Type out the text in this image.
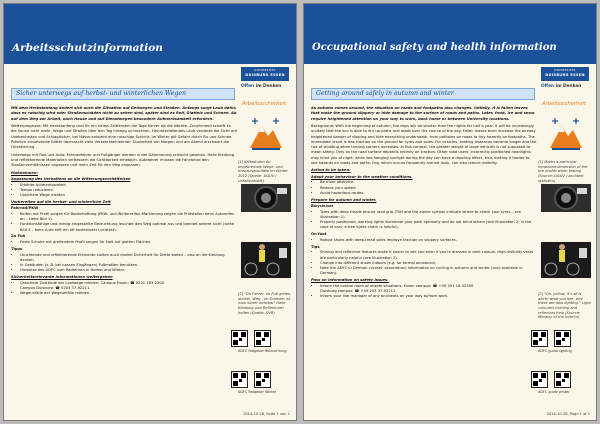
Arbeitsschutzinformation
UNIVERSITÄT
DUISBURG ESSEN
Offen im Denken
Arbeitssicherheit
[1] Kältestufen für ungebremste Wege- und Kreuzungsunfälle im Winter 2012 (Quelle: DGUV / Unfallstatistik)
[2] "Ob Fahrer, ob Fuß gehen, dunkel, Weg - im Dunkeln ist man sicher sichtbar" Helle Kleidung und Reflektoren helfen (Quelle: DVR)
ADFC Ratgeber Beleuchtung
ADFC Ratgeber Winter
Sicher unterwegs auf herbst- und winterlichen Wegen

Mit dem Herbstanfang ändert sich auch die Situation auf Gehwegen und Straßen. Anfangs sorgt Laub dafür, dass es rutschig wird oder Straßenschäden nicht zu sehen sind, später sind es Reif, Glatteis und Schnee. Ab auf dem Weg zur Arbeit, nach Hause und auf Dienstwegen besondere Aufmerksamkeit erfordern.

Wetterprognose: Mit Herbstanfang sind für ein helles Zeitfenster die Tage kürzer als die Nächte. Zunehmend schafft es die Sonne nicht mehr, Wege und Straßen über den Tag hinweg zu trocknen. Herunterfallendes Laub verdeckt die Sicht auf Unebenheiten und Schlaglöcher, bei Nässe entsteht eine rutschige Schicht. Im Winter gilt Gefahr durch Eis und Schnee. Plötzlich einsetzende Glätte überrascht viele Verkehrsteilnehmer. Dunkelheit am Morgen und am Abend erschwert die Orientierung.

Unterwegs mit Rad und Auto: Fahrradfahrer und Fußgänger werden in der Dämmerung schlecht gesehen. Helle Kleidung und reflektierende Materialien verbessern die Sichtbarkeit erheblich. Autofahrer müssen die Fahrweise den Straßenverhältnissen anpassen und mehr Zeit für den Weg einplanen.

Maßnahmen:
Anpassung des Verhaltens an die Witterungsverhältnisse
• Erhöhte Aufmerksamkeit
• Tempo reduzieren
• Unsichere Wege meiden
Vorbereiten auf die herbst- und winterliche Zeit
Fahrrad/PKW
• Reifen mit Profil sorgen für Bodenhaftung (PKW- und Winterreifen-Markierung zeigen die Prüfstellen beim Autoreifen an – siehe Bild 1).
• Funktionsfähige und richtig eingestellte Beleuchtung leuchtet den Weg optimal aus und blendet andere nicht (siehe Bild 2 – beim Auto hilft ein oft kostenloser Lichttest).
Zu Fuß
• Feste Schuhe mit greifendem Profil sorgen für Halt auf glatten Flächen.
Tipps
• Leuchtende und reflektierende Elemente sollten auch dunkel Sicherheit für Dritte bieten – also an die Kleidung denken.
• In Gebäuden (z. B. bei nassen Eingängen) Fußmatten benutzen.
• Hinweise des ADFC zum Radfahren in Herbst und Winter.
Sicherheitsrelevante Informationen weitergeben
• Unsichere Zustände der Laufwege melden: Campus Essen: ☎ 0201 183-2300
Campus Duisburg: ☎ 0203 37-92211
• Wegeunfälle der Wegeunfälle melden.
2014-10-28, Seite 1 von 1
Occupational safety and health information
UNIVERSITÄT
DUISBURG ESSEN
Offen im Denken
Arbeitssicherheit
[1] Marks a particular measured dimension of the tire profile when testing (Source: DGUV / accident statistics)
[2] "Oh, yellow, it's all is worth what you see, and there are new lighting." Light coloured clothing and reflectors help (Source: Ministry of the Interior)
ADFC guide lighting
ADFC guide winter
Getting around safely in autumn and winter

As autumn comes around, the situation on roads and footpaths also changes. Initially, it is fallen leaves that make the ground slippery or hide damage to the surface of roads and paths. Later, frost, ice and snow require heightened attention on your way to work, back home or between University locations.

Background: With the beginning of autumn, the days will be shorter than the nights for half a year. It will be increasingly unlikely that the sun is able to dry up paths and roads over the course of the day. Fallen leaves even increase the already heightened danger of slipping and hide everything underneath, from potholes on roads to tiny hazards on footpaths. The immediate result is less traction on the ground for tyres and soles. For vehicles, braking distances become longer and the risk of skidding when turning corners increases. In this context, the greater weight of large vehicles is not supposed to mean safety. Only on the road surface depends entirely on traction. Other road users' incorrectly positioned headlights may blind you at night, while low-hanging sunlight during the day can have a dazzling effect, thus making it harder to see hazards on roads and paths. Fog, which occurs frequently around dusk, can also reduce visibility.

Action to be taken:
Adapt your behaviour to the weather conditions.
• Be more attentive.
• Reduce your speed.
• Avoid hazardous routes.
Prepare for autumn and winter.
Bicycle/car
• Tyres with deep treads ensure road grip (TWI and the alpine symbol indicate where to check your tyres – see illustration 1).
• Properly positioned, working lights illuminate your path optimally and do not blind others (see illustration 2; in the case of cars, a free lights check is helpful).
On foot
• Robust shoes with deep-tread soles improve traction on slippery surfaces.
Tips
• Shining and reflective features make it easier to see you even if you're dressed in dark colours. High-visibility vests are particularly helpful (see illustration 2).
• Change into different shoes indoors (e.g. for formal occasions).
• Note the ADFC's (German cyclists' association) information on cycling in autumn and winter (only available in German).
Pass on information on safety issues.
• Inform the control room of unsafe situations: Essen campus: ☎ +49 201 18-32300
Duisburg campus: ☎ +49 203 37-92211
• Inform your line manager of any accidents on your way to/from work.
2014-10-28, Page 1 of 1
